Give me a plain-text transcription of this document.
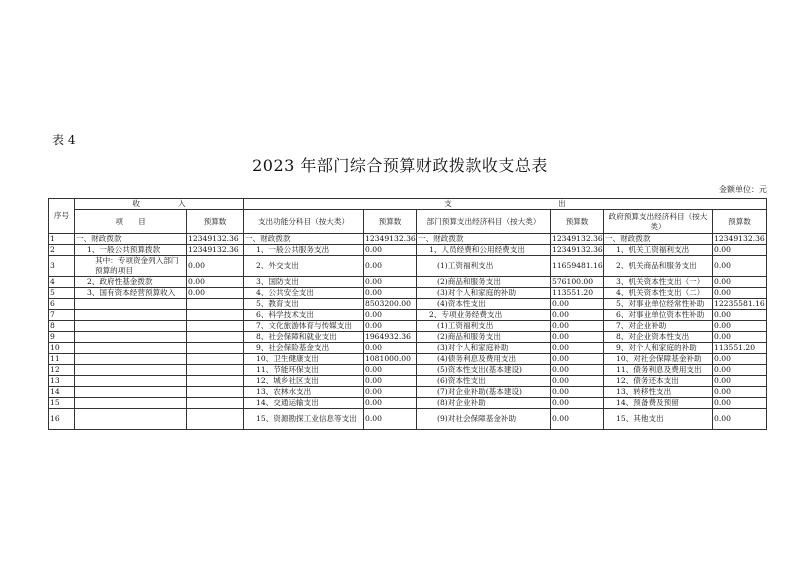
表 4
2023 年部门综合预算财政拨款收支总表
金额单位：元
序号	收　　　　　入		支　　　　　　　　　　　　　　出					
	项　　目	预算数	支出功能分科目（按大类）	预算数	部门预算支出经济科目（按大类）	预算数	政府预算支出经济科目（按大类）	预算数
1	一、财政拨款	12349132.36	一、财政拨款	12349132.36	一、财政拨款	12349132.36	一、财政拨款	12349132.36
2	1、一般公共预算拨款	12349132.36	1、一般公共服务支出	0.00	1、人员经费和公用经费支出	12349132.36	1、机关工资福利支出	0.00
3	其中：专项资金列入部门预算的项目	0.00	2、外交支出	0.00	(1)工资福利支出	11659481.16	2、机关商品和服务支出	0.00
4	2、政府性基金拨款	0.00	3、国防支出	0.00	(2)商品和服务支出	576100.00	3、机关资本性支出（一）	0.00
5	3、国有资本经营预算收入	0.00	4、公共安全支出	0.00	(3)对个人和家庭的补助	113551.20	4、机关资本性支出（二）	0.00
6			5、教育支出	8503200.00	(4)资本性支出	0.00	5、对事业单位经常性补助	12235581.16
7			6、科学技术支出	0.00	2、专项业务经费支出	0.00	6、对事业单位资本性补助	0.00
8			7、文化旅游体育与传媒支出	0.00	(1)工资福利支出	0.00	7、对企业补助	0.00
9			8、社会保障和就业支出	1964932.36	(2)商品和服务支出	0.00	8、对企业资本性支出	0.00
10			9、社会保险基金支出	0.00	(3)对个人和家庭补助	0.00	9、对个人和家庭的补助	113551.20
11			10、卫生健康支出	1081000.00	(4)债务利息及费用支出	0.00	10、对社会保障基金补助	0.00
12			11、节能环保支出	0.00	(5)资本性支出(基本建设)	0.00	11、债务利息及费用支出	0.00
13			12、城乡社区支出	0.00	(6)资本性支出	0.00	12、债务还本支出	0.00
14			13、农林水支出	0.00	(7)对企业补助(基本建设)	0.00	13、转移性支出	0.00
15			14、交通运输支出	0.00	(8)对企业补助	0.00	14、预备费及预留	0.00
16			15、资源勘探工业信息等支出	0.00	(9)对社会保障基金补助	0.00	15、其他支出	0.00
